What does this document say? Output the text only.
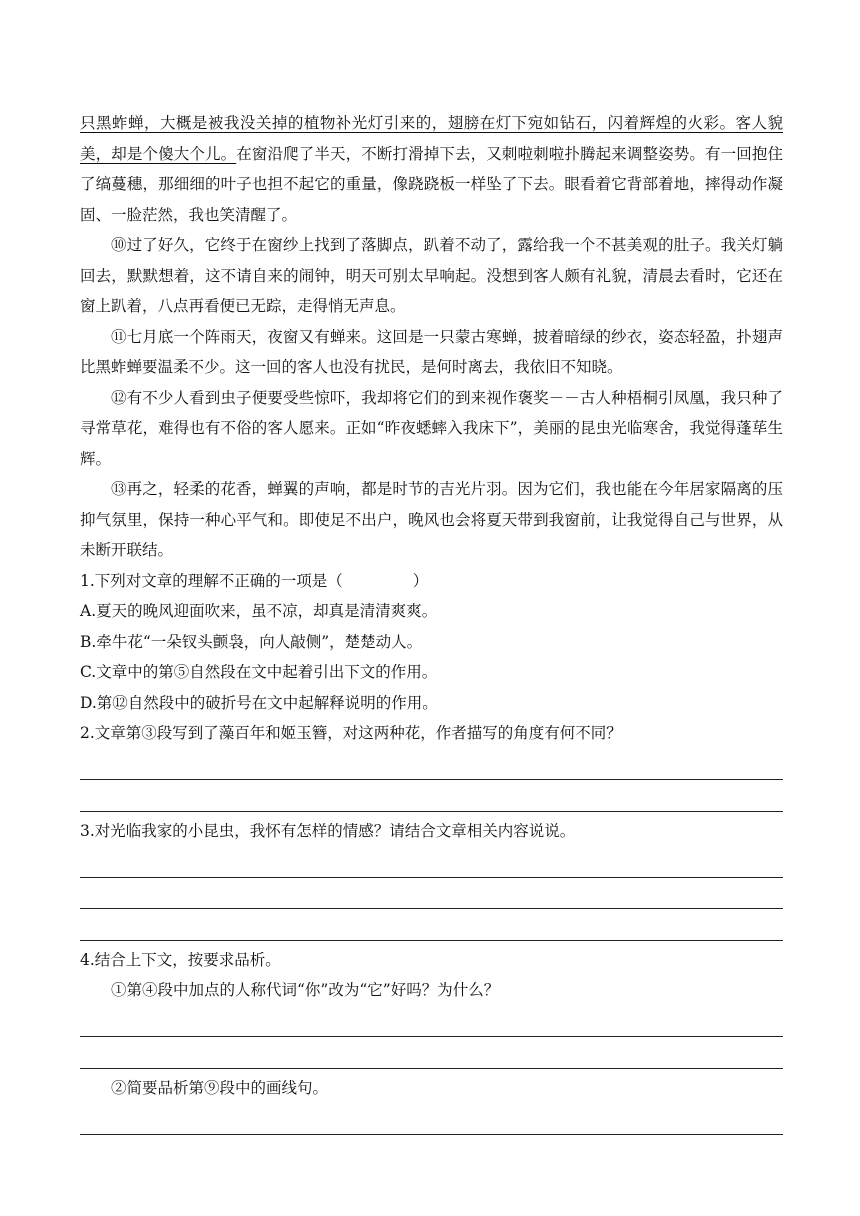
只黑蚱蝉，大概是被我没关掉的植物补光灯引来的，翅膀在灯下宛如钻石，闪着辉煌的火彩。客人貌美，却是个傻大个儿。在窗沿爬了半天，不断打滑掉下去，又刺啦刺啦扑腾起来调整姿势。有一回抱住了缟蔓穗，那细细的叶子也担不起它的重量，像跷跷板一样坠了下去。眼看着它背部着地，摔得动作凝固、一脸茫然，我也笑清醒了。

⑩过了好久，它终于在窗纱上找到了落脚点，趴着不动了，露给我一个不甚美观的肚子。我关灯躺回去，默默想着，这不请自来的闹钟，明天可别太早响起。没想到客人颇有礼貌，清晨去看时，它还在窗上趴着，八点再看便已无踪，走得悄无声息。

⑪七月底一个阵雨天，夜窗又有蝉来。这回是一只蒙古寒蝉，披着暗绿的纱衣，姿态轻盈，扑翅声比黑蚱蝉要温柔不少。这一回的客人也没有扰民，是何时离去，我依旧不知晓。

⑫有不少人看到虫子便要受些惊吓，我却将它们的到来视作褒奖－－古人种梧桐引凤凰，我只种了寻常草花，难得也有不俗的客人愿来。正如“昨夜蟋蟀入我床下”，美丽的昆虫光临寒舍，我觉得蓬荜生辉。

⑬再之，轻柔的花香，蝉翼的声响，都是时节的吉光片羽。因为它们，我也能在今年居家隔离的压抑气氛里，保持一种心平气和。即使足不出户，晚风也会将夏天带到我窗前，让我觉得自己与世界，从未断开联结。

1.下列对文章的理解不正确的一项是（	）

A.夏天的晚风迎面吹来，虽不凉，却真是清清爽爽。

B.牵牛花“一朵钗头颤袅，向人敲侧”，楚楚动人。

C.文章中的第⑤自然段在文中起着引出下文的作用。

D.第⑫自然段中的破折号在文中起解释说明的作用。

2.文章第③段写到了藻百年和姬玉簪，对这两种花，作者描写的角度有何不同？

3.对光临我家的小昆虫，我怀有怎样的情感？请结合文章相关内容说说。

4.结合上下文，按要求品析。

①第④段中加点的人称代词“你”改为“它”好吗？为什么？

②简要品析第⑨段中的画线句。
